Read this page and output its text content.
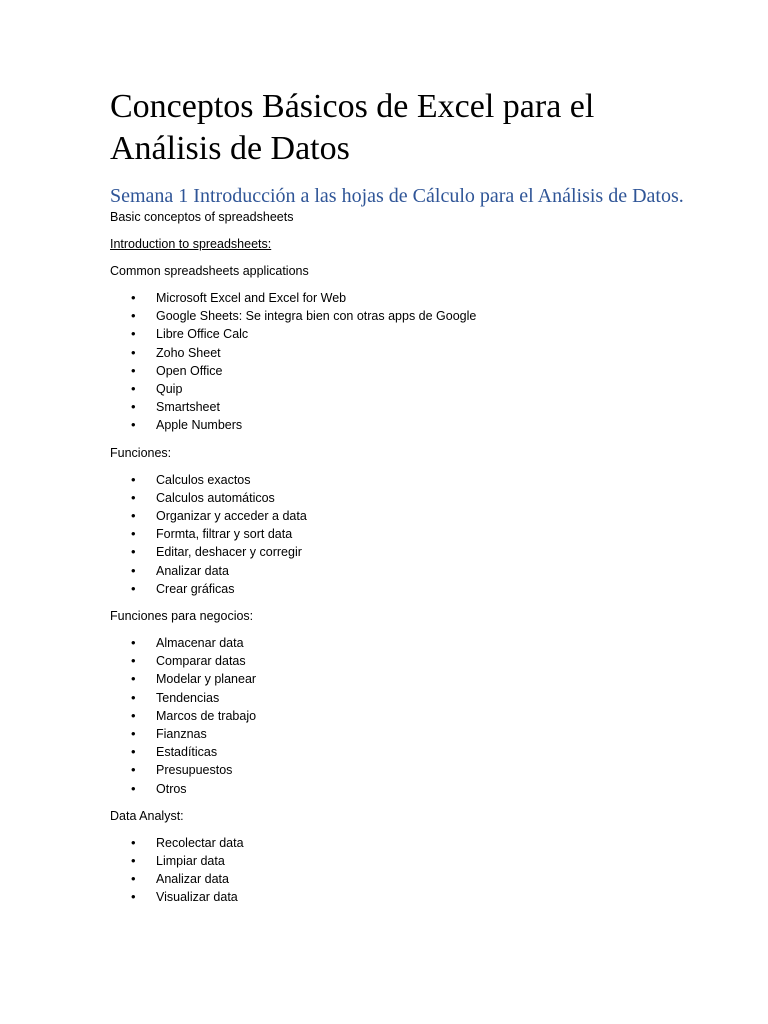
Conceptos Básicos de Excel para el Análisis de Datos
Semana 1 Introducción a las hojas de Cálculo para el Análisis de Datos.

Basic conceptos of spreadsheets

Introduction to spreadsheets:

Common spreadsheets applications

• Microsoft Excel and Excel for Web
• Google Sheets: Se integra bien con otras apps de Google
• Libre Office Calc
• Zoho Sheet
• Open Office
• Quip
• Smartsheet
• Apple Numbers

Funciones:

• Calculos exactos
• Calculos automáticos
• Organizar y acceder a data
• Formta, filtrar y sort data
• Editar, deshacer y corregir
• Analizar data
• Crear gráficas

Funciones para negocios:

• Almacenar data
• Comparar datas
• Modelar y planear
• Tendencias
• Marcos de trabajo
• Fianznas
• Estadíticas
• Presupuestos
• Otros

Data Analyst:

• Recolectar data
• Limpiar data
• Analizar data
• Visualizar data
